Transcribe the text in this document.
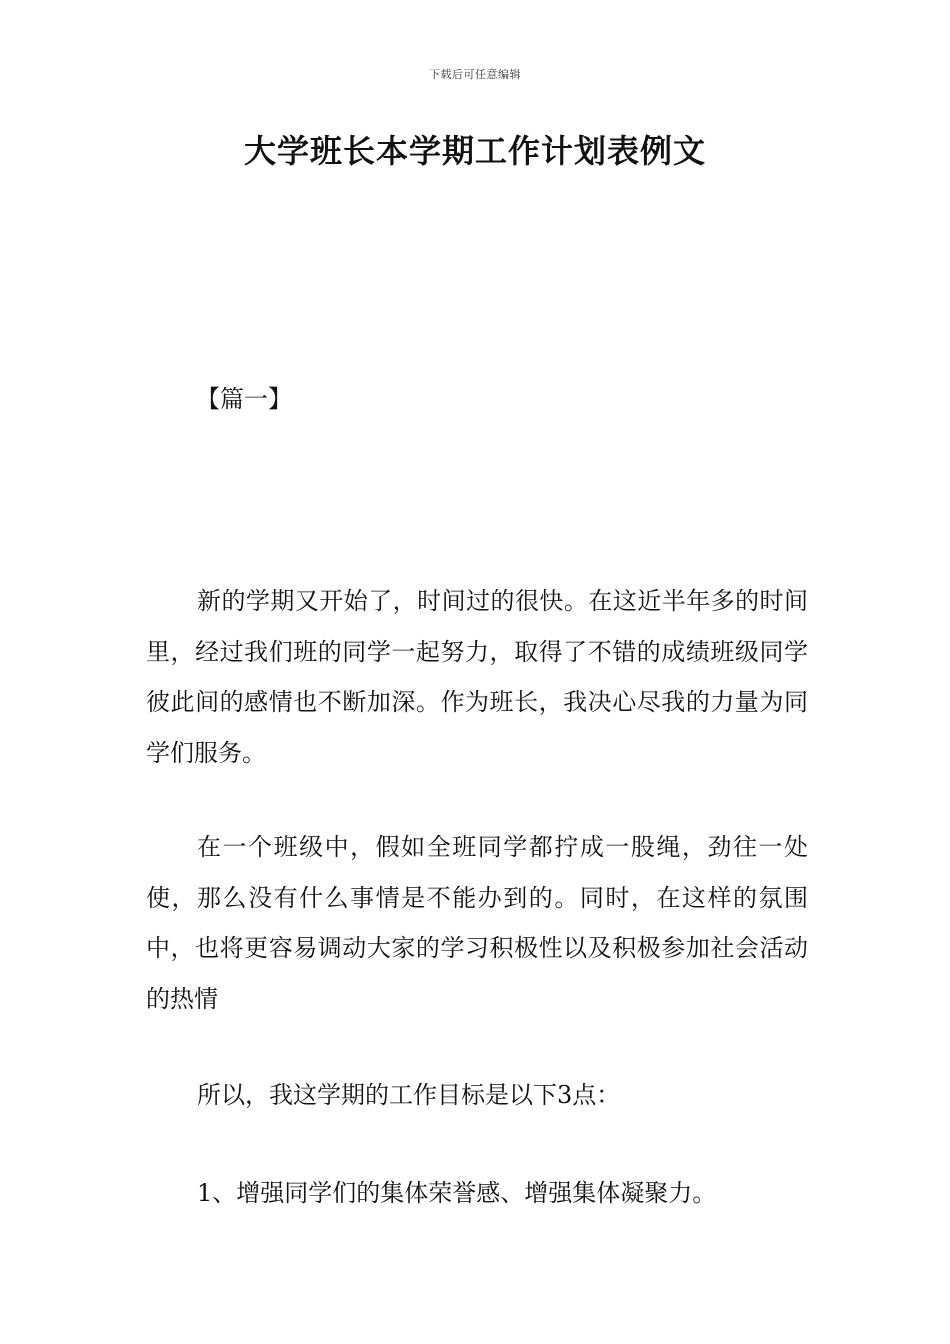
下载后可任意编辑
大学班长本学期工作计划表例文
【篇一】

新的学期又开始了，时间过的很快。在这近半年多的时间里，经过我们班的同学一起努力，取得了不错的成绩班级同学彼此间的感情也不断加深。作为班长，我决心尽我的力量为同学们服务。

在一个班级中，假如全班同学都拧成一股绳，劲往一处使，那么没有什么事情是不能办到的。同时，在这样的氛围中，也将更容易调动大家的学习积极性以及积极参加社会活动的热情

所以，我这学期的工作目标是以下3点：

1、增强同学们的集体荣誉感、增强集体凝聚力。
